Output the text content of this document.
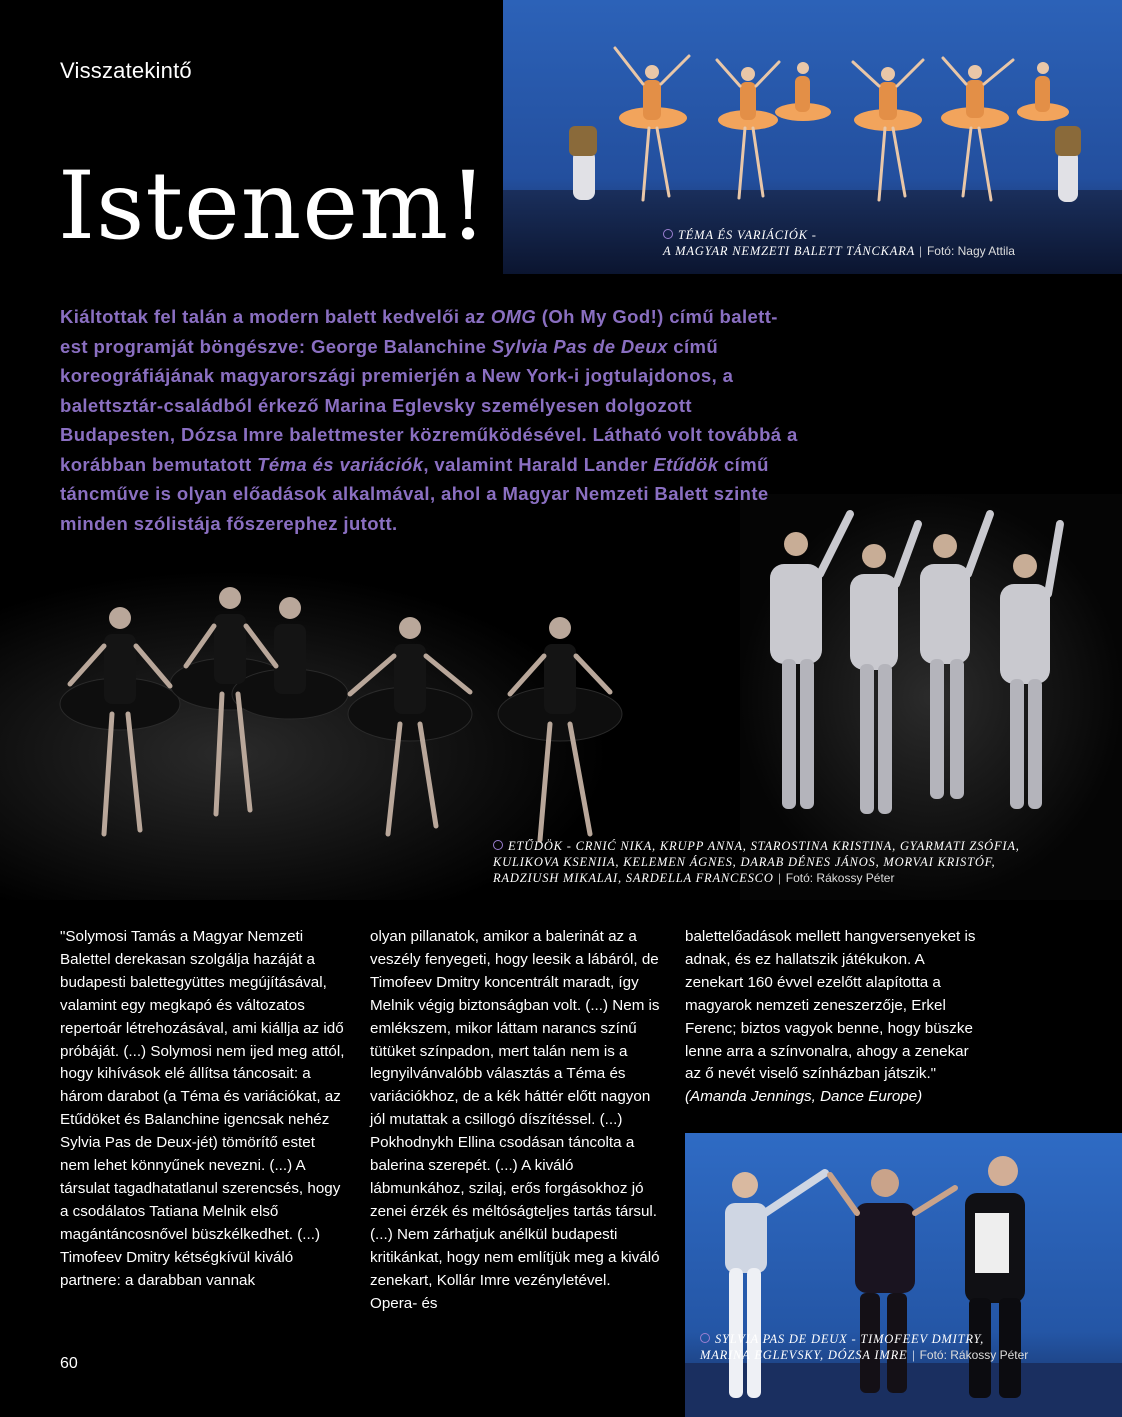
Visszatekintő
Istenem!	TÉMA ÉS VARIÁCIÓK -
A MAGYAR NEMZETI BALETT TÁNCKARA | Fotó: Nagy Attila
Kiáltottak fel talán a modern balett kedvelői az OMG (Oh My God!) című balett-est programját böngészve: George Balanchine Sylvia Pas de Deux című koreográfiájának magyarországi premierjén a New York-i jogtulajdonos, a balettsztár-családból érkező Marina Eglevsky személyesen dolgozott Budapesten, Dózsa Imre balettmester közreműködésével. Látható volt továbbá a korábban bemutatott Téma és variációk, valamint Harald Lander Etűdök című táncműve is olyan előadások alkalmával, ahol a Magyar Nemzeti Balett szinte minden szólistája főszerephez jutott.
ETŰDÖK - CRNIĆ NIKA, KRUPP ANNA, STAROSTINA KRISTINA, GYARMATI ZSÓFIA,
KULIKOVA KSENIIA, KELEMEN ÁGNES, DARAB DÉNES JÁNOS, MORVAI KRISTÓF,
RADZIUSH MIKALAI, SARDELLA FRANCESCO | Fotó: Rákossy Péter

"Solymosi Tamás a Magyar Nemzeti Balettel derekasan szolgálja hazáját a budapesti balettegyüttes megújításával, valamint egy megkapó és változatos repertoár létrehozásával, ami kiállja az idő próbáját. (...) Solymosi nem ijed meg attól, hogy kihívások elé állítsa táncosait: a három darabot (a Téma és variációkat, az Etűdöket és Balanchine igencsak nehéz Sylvia Pas de Deux-jét) tömörítő estet nem lehet könnyűnek nevezni. (...) A társulat tagadhatatlanul szerencsés, hogy a csodálatos Tatiana Melnik első magántáncosnővel büszkélkedhet. (...) Timofeev Dmitry kétségkívül kiváló partnere: a darabban vannak

olyan pillanatok, amikor a balerinát az a veszély fenyegeti, hogy leesik a lábáról, de Timofeev Dmitry koncentrált maradt, így Melnik végig biztonságban volt. (...) Nem is emlékszem, mikor láttam narancs színű tütüket színpadon, mert talán nem is a legnyilvánvalóbb választás a Téma és variációkhoz, de a kék háttér előtt nagyon jól mutattak a csillogó díszítéssel. (...) Pokhodnykh Ellina csodásan táncolta a balerina szerepét. (...) A kiváló lábmunkához, szilaj, erős forgásokhoz jó zenei érzék és méltóságteljes tartás társul. (...) Nem zárhatjuk anélkül budapesti kritikánkat, hogy nem említjük meg a kiváló zenekart, Kollár Imre vezényletével. Opera- és

balettelőadások mellett hangversenyeket is adnak, és ez hallatszik játékukon. A zenekart 160 évvel ezelőtt alapította a magyarok nemzeti zeneszerzője, Erkel Ferenc; biztos vagyok benne, hogy büszke lenne arra a színvonalra, ahogy a zenekar az ő nevét viselő színházban játszik."

(Amanda Jennings, Dance Europe)

SYLVIA PAS DE DEUX - TIMOFEEV DMITRY,
MARINA EGLEVSKY, DÓZSA IMRE | Fotó: Rákossy Péter
60
